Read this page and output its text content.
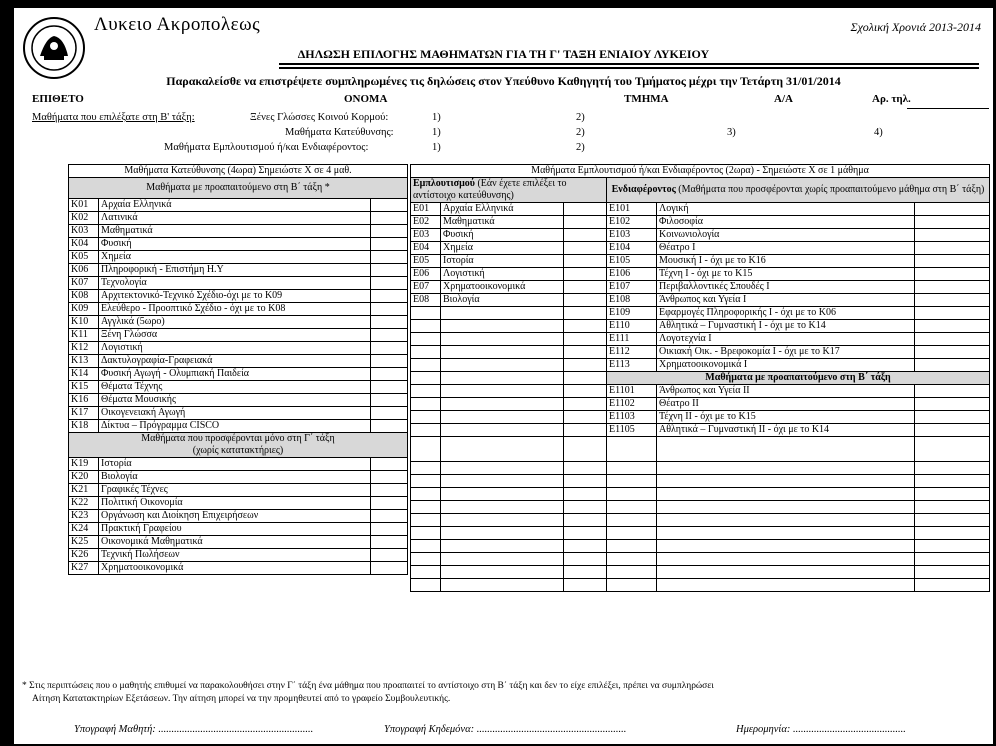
Λυκειο Ακροπολεως	Σχολική Χρονιά 2013-2014
ΔΗΛΩΣΗ ΕΠΙΛΟΓΗΣ ΜΑΘΗΜΑΤΩΝ ΓΙΑ ΤΗ Γ' ΤΑΞΗ ΕΝΙΑΙΟΥ ΛΥΚΕΙΟΥ
Παρακαλείσθε να επιστρέψετε συμπληρωμένες τις δηλώσεις στον Υπεύθυνο Καθηγητή του Τμήματος μέχρι την Τετάρτη 31/01/2014
ΕΠΙΘΕΤΟ	ΟΝΟΜΑ	ΤΜΗΜΑ	Α/Α	Αρ. τηλ.
Μαθήματα που επιλέξατε στη Β' τάξη:	Ξένες Γλώσσες Κοινού Κορμού:
Μαθήματα Κατεύθυνσης:
Μαθήματα Εμπλουτισμού ή/και Ενδιαφέροντος:
1)	2)
1)	2)	3)	4)
1)	2)
Μαθήματα Κατεύθυνσης (4ωρα) Σημειώστε Χ σε 4 μαθ.		
Μαθήματα με προαπαιτούμενο στη Β΄ τάξη *		
Κ01	Αρχαία Ελληνικά	
Κ02	Λατινικά	
Κ03	Μαθηματικά	
Κ04	Φυσική	
Κ05	Χημεία	
Κ06	Πληροφορική - Επιστήμη Η.Υ	
Κ07	Τεχνολογία	
Κ08	Αρχιτεκτονικό-Τεχνικό Σχέδιο-όχι με το Κ09	
Κ09	Ελεύθερο - Προοπτικό Σχέδιο - όχι με το Κ08	
Κ10	Αγγλικά (5ωρο)	
Κ11	Ξένη Γλώσσα	
Κ12	Λογιστική	
Κ13	Δακτυλογραφία-Γραφειακά	
Κ14	Φυσική Αγωγή - Ολυμπιακή Παιδεία	
Κ15	Θέματα Τέχνης	
Κ16	Θέματα Μουσικής	
Κ17	Οικογενειακή Αγωγή	
Κ18	Δίκτυα – Πρόγραμμα CISCO	

Μαθήματα που προσφέρονται μόνο στη Γ΄ τάξη
(χωρίς κατατακτήριες)		

Κ19	Ιστορία	
Κ20	Βιολογία	
Κ21	Γραφικές Τέχνες	
Κ22	Πολιτική Οικονομία	
Κ23	Οργάνωση και Διοίκηση Επιχειρήσεων	
Κ24	Πρακτική Γραφείου	
Κ25	Οικονομικά Μαθηματικά	
Κ26	Τεχνική Πωλήσεων	
Κ27	Χρηματοοικονομικά	
Μαθήματα Εμπλουτισμού ή/και Ενδιαφέροντος (2ωρα) - Σημειώστε Χ σε 1 μάθημα					
Εμπλουτισμού (Εάν έχετε επιλέξει το αντίστοιχο κατεύθυνσης)			Ενδιαφέροντος (Μαθήματα που προσφέρονται χωρίς προαπαιτούμενο μάθημα στη Β΄ τάξη)		
Ε01	Αρχαία Ελληνικά		Ε101	Λογική	
Ε02	Μαθηματικά		Ε102	Φιλοσοφία	
Ε03	Φυσική		Ε103	Κοινωνιολογία	
Ε04	Χημεία		Ε104	Θέατρο Ι	
Ε05	Ιστορία		Ε105	Μουσική Ι - όχι με το Κ16	
Ε06	Λογιστική		Ε106	Τέχνη Ι - όχι με το Κ15	
Ε07	Χρηματοοικονομικά		Ε107	Περιβαλλοντικές Σπουδές Ι	
Ε08	Βιολογία		Ε108	Άνθρωπος και Υγεία Ι	
			Ε109	Εφαρμογές Πληροφορικής Ι - όχι με το Κ06	
			Ε110	Αθλητικά – Γυμναστική Ι - όχι με το Κ14	
			Ε111	Λογοτεχνία Ι	
			Ε112	Οικιακή Οικ. - Βρεφοκομία Ι - όχι με το Κ17	
			Ε113	Χρηματοοικονομικά Ι	
			Μαθήματα με προαπαιτούμενο στη Β΄ τάξη		
			Ε1101	Άνθρωπος και Υγεία ΙΙ	
			Ε1102	Θέατρο ΙΙ	
			Ε1103	Τέχνη ΙΙ - όχι με το Κ15	
			Ε1105	Αθλητικά – Γυμναστική ΙΙ - όχι με το Κ14	

* Στις περιπτώσεις που ο μαθητής επιθυμεί να παρακολουθήσει στην Γ΄ τάξη ένα μάθημα που προαπαιτεί το αντίστοιχο στη Β΄ τάξη και δεν το είχε επιλέξει, πρέπει να συμπληρώσει
Αίτηση Κατατακτηρίων Εξετάσεων. Την αίτηση μπορεί να την προμηθευτεί από το γραφείο Συμβουλευτικής.
Υπογραφή Μαθητή: ...........................................................	Υπογραφή Κηδεμόνα: .........................................................	Ημερομηνία: ...........................................
